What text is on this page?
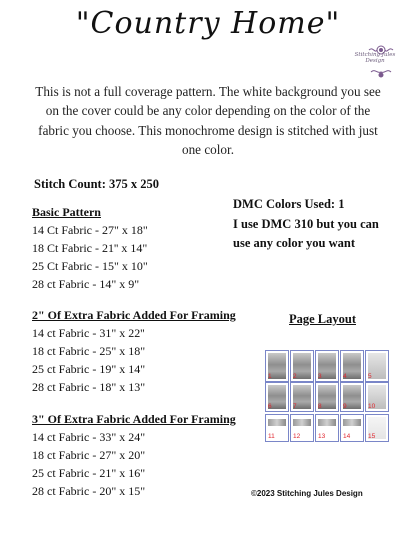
"Country Home"
Stitching Jules Design
This is not a full coverage pattern. The white background you see on the cover could be any color depending on the color of the fabric you choose. This monochrome design is stitched with just one color.
Stitch Count: 375 x 250
Basic Pattern
14 Ct Fabric - 27" x 18"
18 Ct Fabric - 21'' x 14"
25 Ct Fabric - 15" x 10"
28 ct Fabric - 14" x 9"
2" Of Extra Fabric Added For Framing
14 ct Fabric - 31" x 22''
18 ct Fabric - 25" x 18"
25 ct Fabric - 19" x 14"
28 ct Fabric - 18" x 13"
3" Of Extra Fabric Added For Framing
14 ct Fabric - 33" x 24"
18 ct Fabric - 27" x 20"
25 ct Fabric - 21" x 16"
28 ct Fabric - 20" x 15"
DMC Colors Used: 1
I use DMC 310 but you can
use any color you want
Page Layout
1	2	3	4	5
6	7	8	9	10
11	12	13	14	15
©2023 Stitching Jules Design
